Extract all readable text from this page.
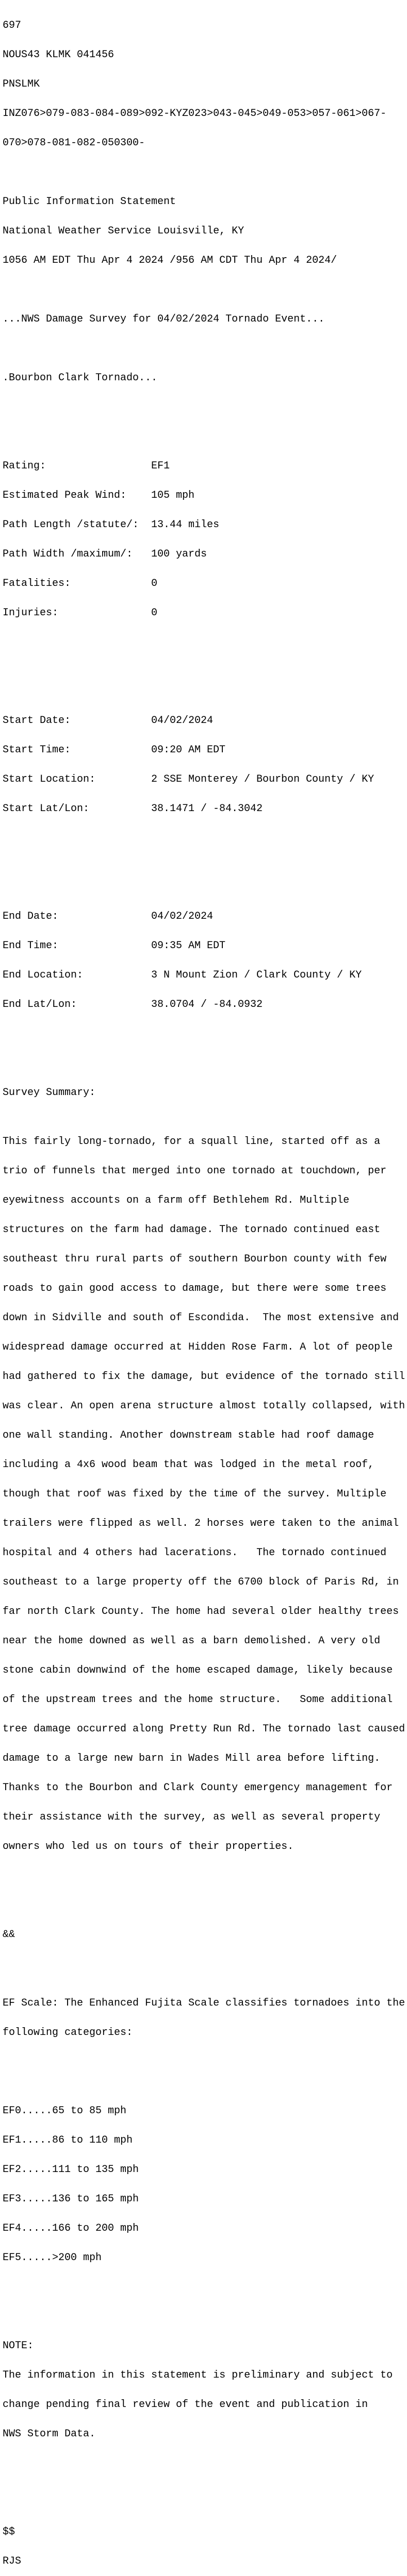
697

NOUS43 KLMK 041456

PNSLMK

INZ076>079-083-084-089>092-KYZ023>043-045>049-053>057-061>067-

070>078-081-082-050300-

Public Information Statement

National Weather Service Louisville, KY

1056 AM EDT Thu Apr 4 2024 /956 AM CDT Thu Apr 4 2024/

...NWS Damage Survey for 04/02/2024 Tornado Event...

.Bourbon Clark Tornado...

Rating:	EF1

Estimated Peak Wind: 105 mph

Path Length /statute/: 13.44 miles

Path Width /maximum/: 100 yards

Fatalities:	0

Injuries:	0

Start Date:	04/02/2024

Start Time:	09:20 AM EDT

Start Location:	2 SSE Monterey / Bourbon County / KY

Start Lat/Lon:	38.1471 / -84.3042

End Date:	04/02/2024

End Time:	09:35 AM EDT

End Location:	3 N Mount Zion / Clark County / KY

End Lat/Lon:	38.0704 / -84.0932

Survey Summary:

This fairly long-tornado, for a squall line, started off as a

trio of funnels that merged into one tornado at touchdown, per

eyewitness accounts on a farm off Bethlehem Rd. Multiple

structures on the farm had damage. The tornado continued east

southeast thru rural parts of southern Bourbon county with few

roads to gain good access to damage, but there were some trees

down in Sidville and south of Escondida.  The most extensive and

widespread damage occurred at Hidden Rose Farm. A lot of people

had gathered to fix the damage, but evidence of the tornado still

was clear. An open arena structure almost totally collapsed, with

one wall standing. Another downstream stable had roof damage

including a 4x6 wood beam that was lodged in the metal roof,

though that roof was fixed by the time of the survey. Multiple

trailers were flipped as well. 2 horses were taken to the animal

hospital and 4 others had lacerations.   The tornado continued

southeast to a large property off the 6700 block of Paris Rd, in

far north Clark County. The home had several older healthy trees

near the home downed as well as a barn demolished. A very old

stone cabin downwind of the home escaped damage, likely because

of the upstream trees and the home structure.   Some additional

tree damage occurred along Pretty Run Rd. The tornado last caused

damage to a large new barn in Wades Mill area before lifting.

Thanks to the Bourbon and Clark County emergency management for

their assistance with the survey, as well as several property

owners who led us on tours of their properties.

&&

EF Scale: The Enhanced Fujita Scale classifies tornadoes into the

following categories:

EF0.....65 to 85 mph

EF1.....86 to 110 mph

EF2.....111 to 135 mph

EF3.....136 to 165 mph

EF4.....166 to 200 mph

EF5.....>200 mph

NOTE:

The information in this statement is preliminary and subject to

change pending final review of the event and publication in

NWS Storm Data.

$$

RJS
